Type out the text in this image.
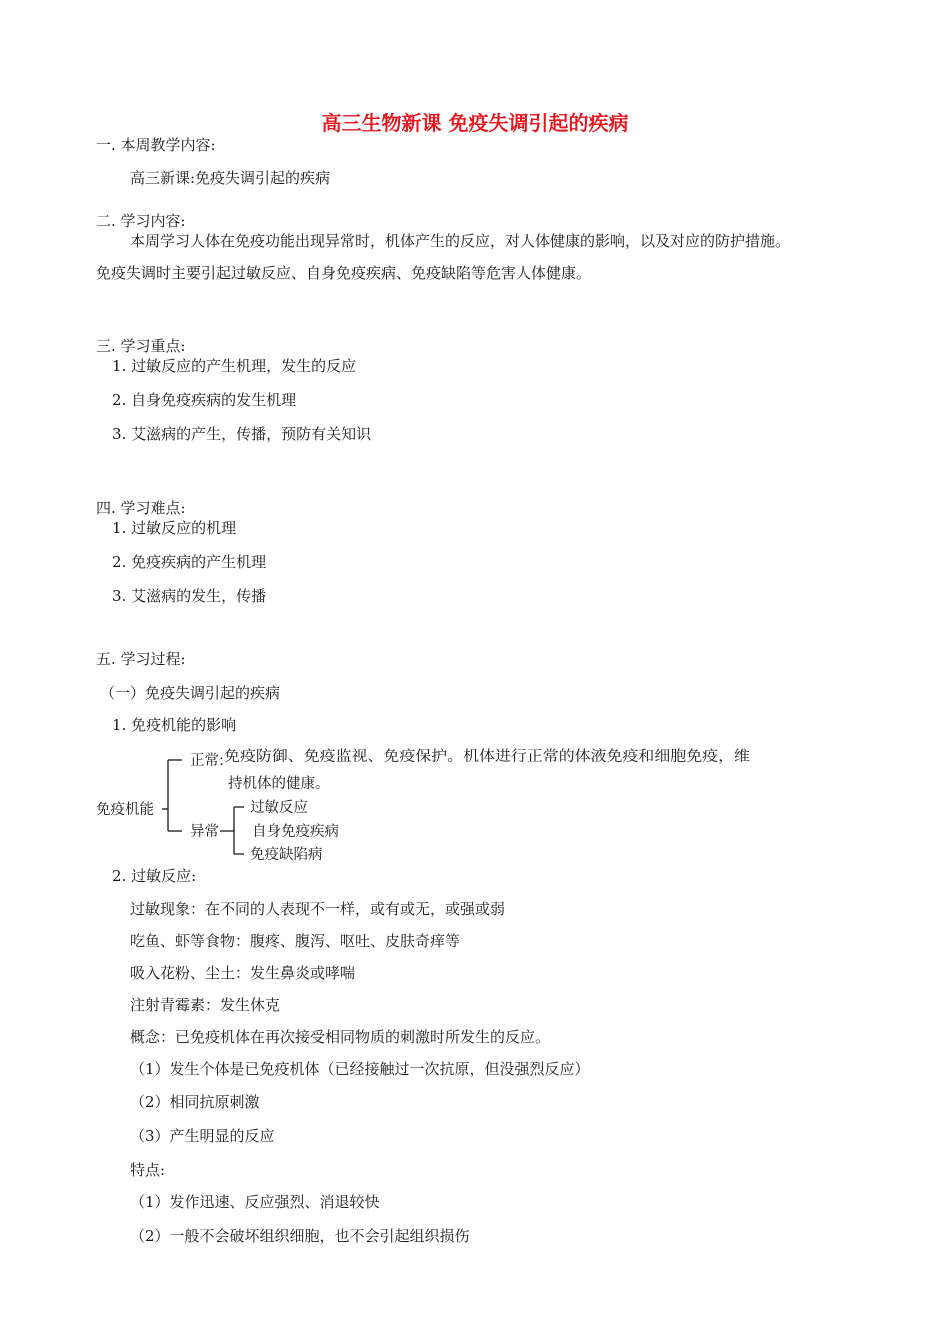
高三生物新课 免疫失调引起的疾病
一. 本周教学内容:
高三新课:免疫失调引起的疾病
二. 学习内容:
本周学习人体在免疫功能出现异常时，机体产生的反应，对人体健康的影响，以及对应的防护措施。
免疫失调时主要引起过敏反应、自身免疫疾病、免疫缺陷等危害人体健康。
三. 学习重点:
1. 过敏反应的产生机理，发生的反应
2. 自身免疫疾病的发生机理
3. 艾滋病的产生，传播，预防有关知识
四. 学习难点:
1. 过敏反应的机理
2. 免疫疾病的产生机理
3. 艾滋病的发生，传播
五. 学习过程:
（一）免疫失调引起的疾病
1. 免疫机能的影响
免疫机能
正常: 免疫防御、免疫监视、免疫保护。机体进行正常的体液免疫和细胞免疫，维
持机体的健康。
异常
过敏反应
自身免疫疾病
免疫缺陷病
2. 过敏反应:
过敏现象：在不同的人表现不一样，或有或无，或强或弱
吃鱼、虾等食物：腹疼、腹泻、呕吐、皮肤奇痒等
吸入花粉、尘土：发生鼻炎或哮喘
注射青霉素：发生休克
概念：已免疫机体在再次接受相同物质的刺激时所发生的反应。
（1）发生个体是已免疫机体（已经接触过一次抗原，但没强烈反应）
（2）相同抗原刺激
（3）产生明显的反应
特点:
（1）发作迅速、反应强烈、消退较快
（2）一般不会破坏组织细胞，也不会引起组织损伤
